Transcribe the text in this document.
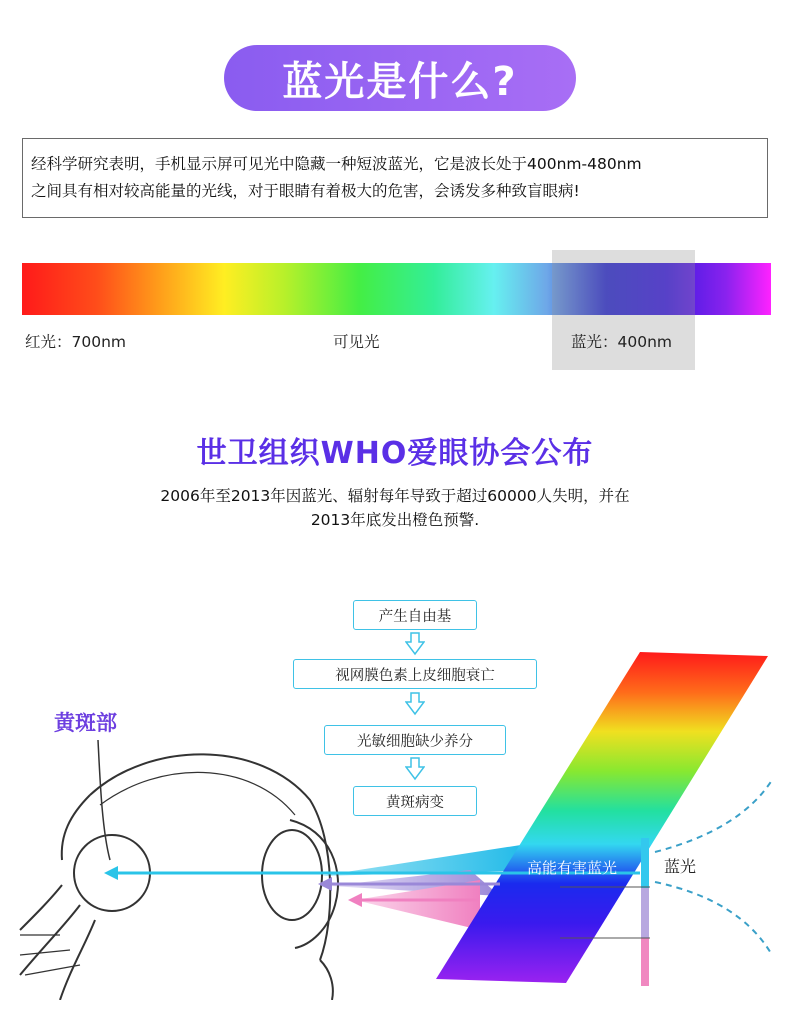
蓝光是什么?
经科学研究表明，手机显示屏可见光中隐藏一种短波蓝光，它是波长处于400nm-480nm
之间具有相对较高能量的光线，对于眼睛有着极大的危害，会诱发多种致盲眼病!
红光：700nm	可见光	蓝光：400nm
世卫组织WHO爱眼协会公布
2006年至2013年因蓝光、辐射每年导致于超过60000人失明，并在
2013年底发出橙色预警.
高能有害蓝光	蓝光
黄斑部
产生自由基
视网膜色素上皮细胞衰亡
光敏细胞缺少养分
黄斑病变
